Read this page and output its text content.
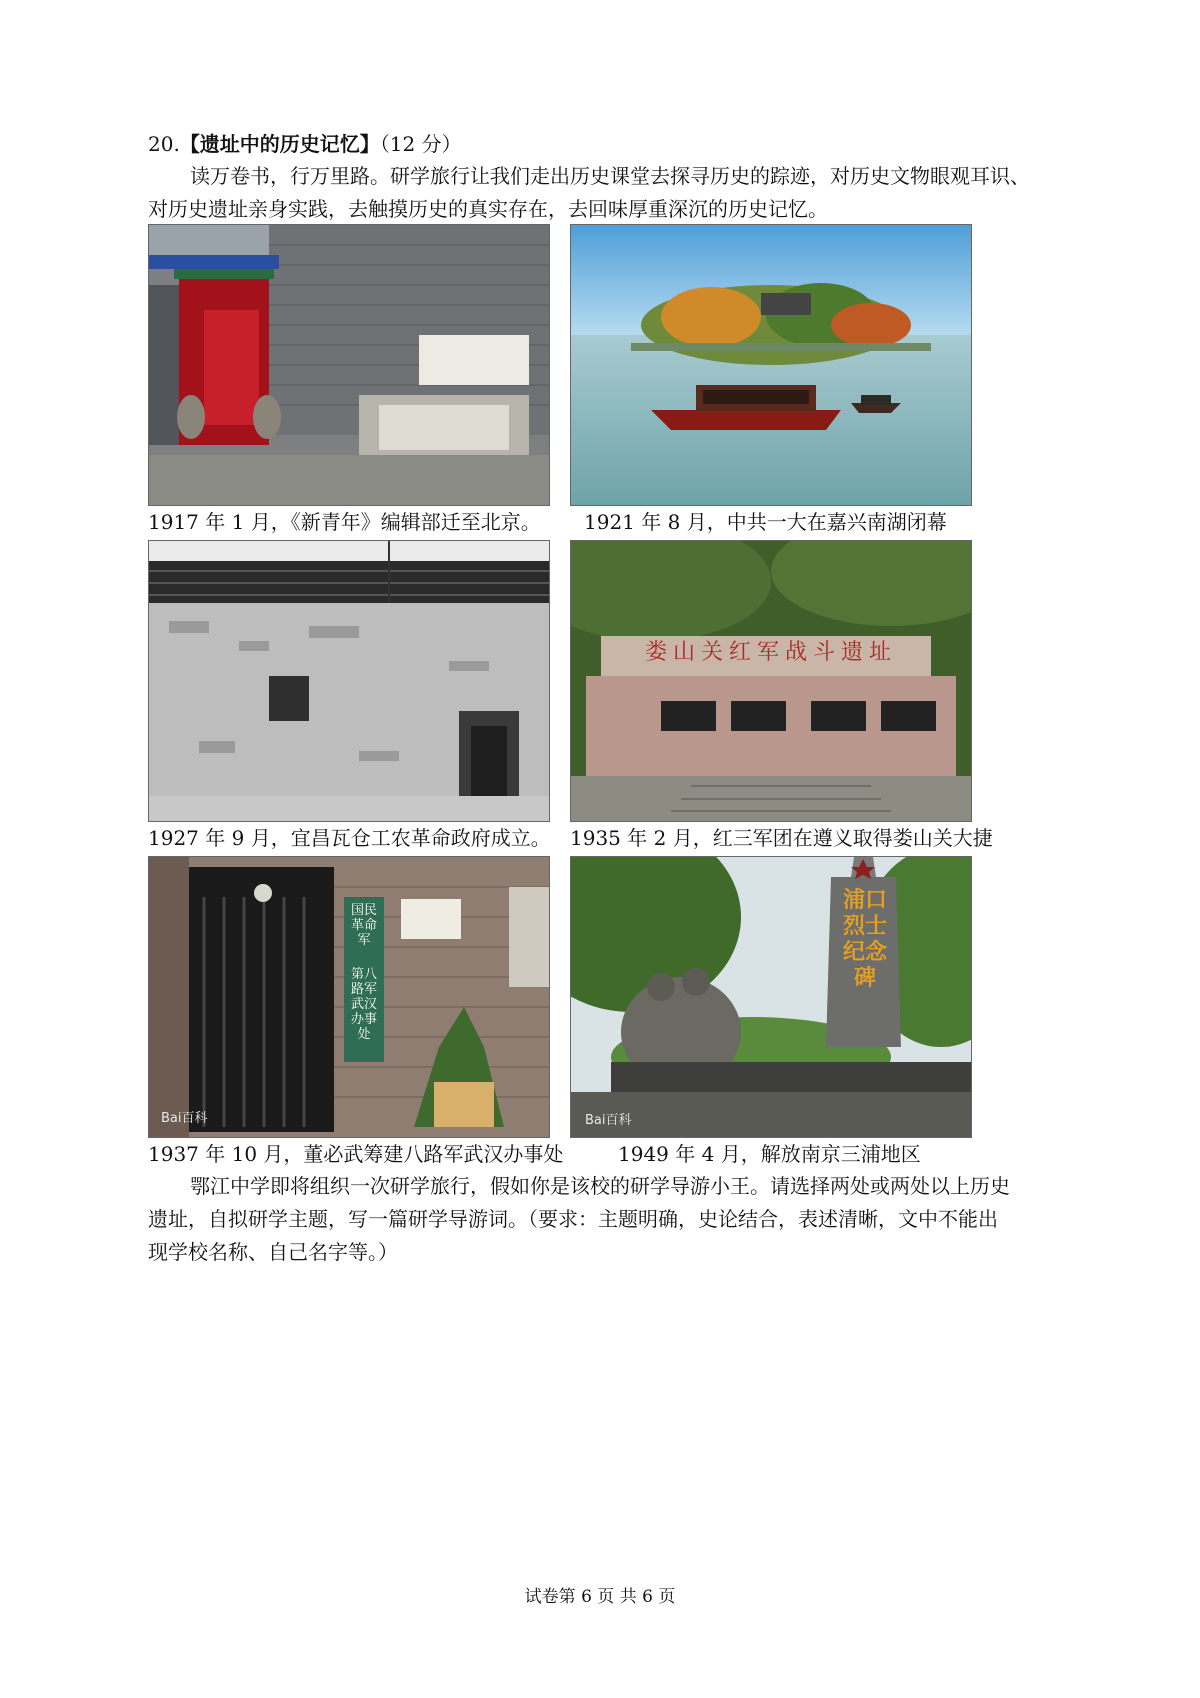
20.【遗址中的历史记忆】（12 分）

读万卷书，行万里路。研学旅行让我们走出历史课堂去探寻历史的踪迹，对历史文物眼观耳识、

对历史遗址亲身实践，去触摸历史的真实存在，去回味厚重深沉的历史记忆。

1917 年 1 月，《新青年》编辑部迁至北京。 1921 年 8 月，中共一大在嘉兴南湖闭幕
娄山关红军战斗遗址
1927 年 9 月，宜昌瓦仓工农革命政府成立。 1935 年 2 月，红三军团在遵义取得娄山关大捷
国民革命军
第八路军武汉办事处
Bai百科
浦口烈士纪念碑
Bai百科
1937 年 10 月，董必武筹建八路军武汉办事处	1949 年 4 月，解放南京三浦地区

鄂江中学即将组织一次研学旅行，假如你是该校的研学导游小王。请选择两处或两处以上历史

遗址，自拟研学主题，写一篇研学导游词。（要求：主题明确，史论结合，表述清晰，文中不能出

现学校名称、自己名字等。）

试卷第 6 页 共 6 页
